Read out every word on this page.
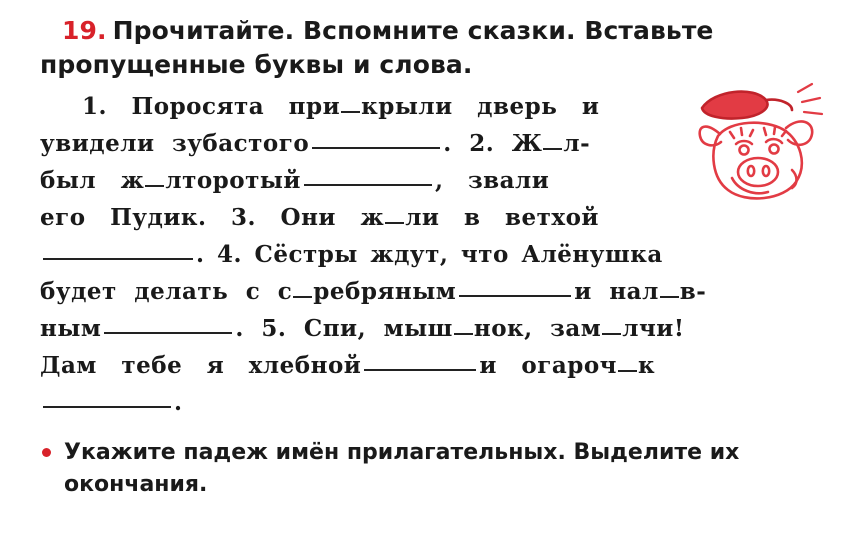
19. Прочитайте. Вспомните сказки. Вставьте пропущенные буквы и слова.

1. Поросята при крыли дверь и
увидели зубастого	. 2. Ж л-
был ж лторотый	, звали
его Пудик. 3. Они ж ли в ветхой
. 4. Сёстры ждут, что Алёнушка
будет делать с с ребряным	и нал в-
ным	. 5. Спи, мыш нок, зам лчи!
Дам тебе я хлебной	и огароч к
.
Укажите падеж имён прилагательных. Выделите их окончания.
